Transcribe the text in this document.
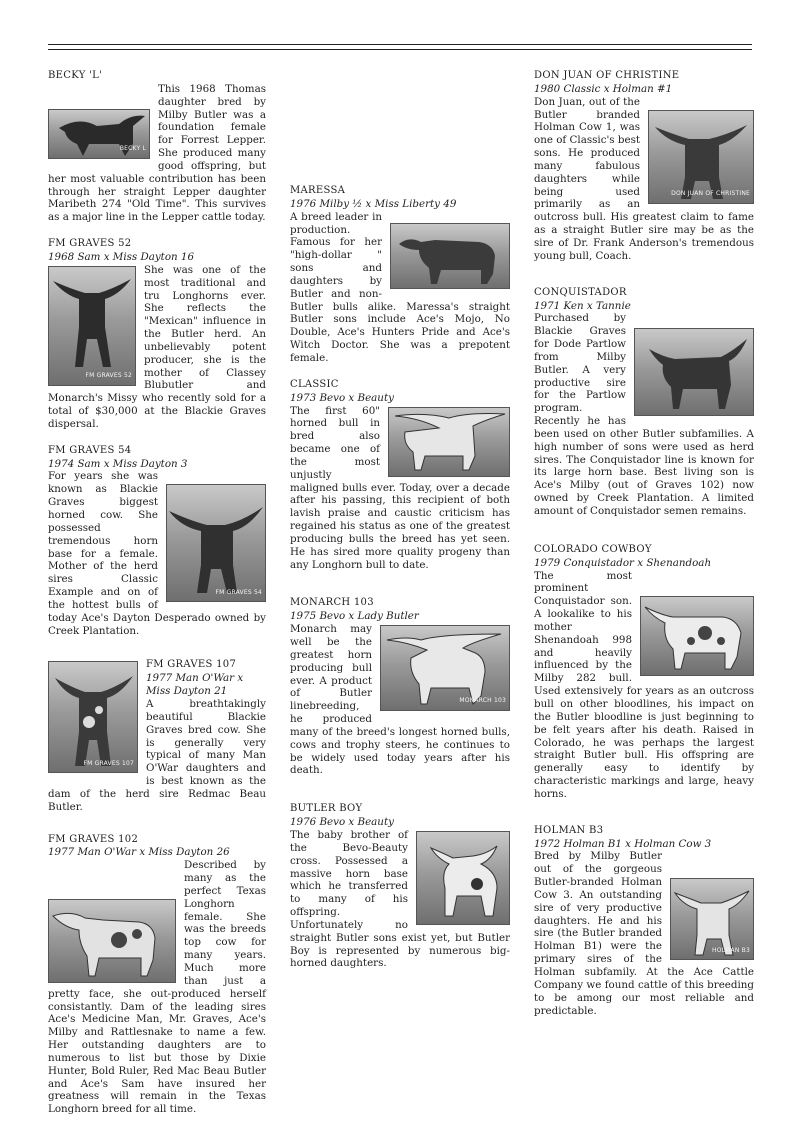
BECKY 'L'

BECKY L

This 1968 Thomas daughter bred by Milby Butler was a foundation female for Forrest Lepper. She produced many good offspring, but her most valuable contribution has been through her straight Lepper daughter Maribeth 274 "Old Time". This survives as a major line in the Lepper cattle today.

FM GRAVES 52

1968 Sam x Miss Dayton 16

FM GRAVES 52

She was one of the most traditional and tru Longhorns ever. She reflects the "Mexican" influence in the Butler herd. An unbelievably potent producer, she is the mother of Classey Blubutler and Monarch's Missy who recently sold for a total of $30,000 at the Blackie Graves dispersal.

FM GRAVES 54

1974 Sam x Miss Dayton 3

FM GRAVES 54

For years she was known as Blackie Graves biggest horned cow. She possessed tremendous horn base for a female. Mother of the herd sires Classic Example and on of the hottest bulls of today Ace's Dayton Desperado owned by Creek Plantation.

FM GRAVES 107

FM GRAVES 107

1977 Man O'War x Miss Dayton 21

A breathtakingly beautiful Blackie Graves bred cow. She is generally very typical of many Man O'War daughters and is best known as the dam of the herd sire Redmac Beau Butler.

FM GRAVES 102

1977 Man O'War x Miss Dayton 26

Described by many as the perfect Texas Longhorn female. She was the breeds top cow for many years. Much more than just a pretty face, she out-produced herself consistantly. Dam of the leading sires Ace's Medicine Man, Mr. Graves, Ace's Milby and Rattlesnake to name a few. Her outstanding daughters are to numerous to list but those by Dixie Hunter, Bold Ruler, Red Mac Beau Butler and Ace's Sam have insured her greatness will remain in the Texas Longhorn breed for all time.

MARESSA

1976 Milby ½ x Miss Liberty 49

A breed leader in production. Famous for her "high-dollar " sons and daughters by Butler and non-Butler bulls alike. Maressa's straight Butler sons include Ace's Mojo, No Double, Ace's Hunters Pride and Ace's Witch Doctor. She was a prepotent female.

CLASSIC

1973 Bevo x Beauty

The first 60" horned bull in bred also became one of the most unjustly maligned bulls ever. Today, over a decade after his passing, this recipient of both lavish praise and caustic criticism has regained his status as one of the greatest producing bulls the breed has yet seen. He has sired more quality progeny than any Longhorn bull to date.

MONARCH 103

1975 Bevo x Lady Butler

MONARCH 103

Monarch may well be the greatest horn producing bull ever. A product of Butler linebreeding, he produced many of the breed's longest horned bulls, cows and trophy steers, he continues to be widely used today years after his death.

BUTLER BOY

1976 Bevo x Beauty

The baby brother of the Bevo-Beauty cross. Possessed a massive horn base which he transferred to many of his offspring. Unfortunately no straight Butler sons exist yet, but Butler Boy is represented by numerous big-horned daughters.

DON JUAN OF CHRISTINE

1980 Classic x Holman #1

DON JUAN OF CHRISTINE

Don Juan, out of the Butler branded Holman Cow 1, was one of Classic's best sons. He produced many fabulous daughters while being used primarily as an outcross bull. His greatest claim to fame as a straight Butler sire may be as the sire of Dr. Frank Anderson's tremendous young bull, Coach.

CONQUISTADOR

1971 Ken x Tannie

Purchased by Blackie Graves for Dode Partlow from Milby Butler. A very productive sire for the Partlow program. Recently he has been used on other Butler subfamilies. A high number of sons were used as herd sires. The Conquistador line is known for its large horn base. Best living son is Ace's Milby (out of Graves 102) now owned by Creek Plantation. A limited amount of Conquistador semen remains.

COLORADO COWBOY

1979 Conquistador x Shenandoah

The most prominent Conquistador son. A lookalike to his mother Shenandoah 998 and heavily influenced by the Milby 282 bull. Used extensively for years as an outcross bull on other bloodlines, his impact on the Butler bloodline is just beginning to be felt years after his death. Raised in Colorado, he was perhaps the largest straight Butler bull. His offspring are generally easy to identify by characteristic markings and large, heavy horns.

HOLMAN B3

1972 Holman B1 x Holman Cow 3

HOLMAN B3

Bred by Milby Butler out of the gorgeous Butler-branded Holman Cow 3. An outstanding sire of very productive daughters. He and his sire (the Butler branded Holman B1) were the primary sires of the Holman subfamily. At the Ace Cattle Company we found cattle of this breeding to be among our most reliable and predictable.
